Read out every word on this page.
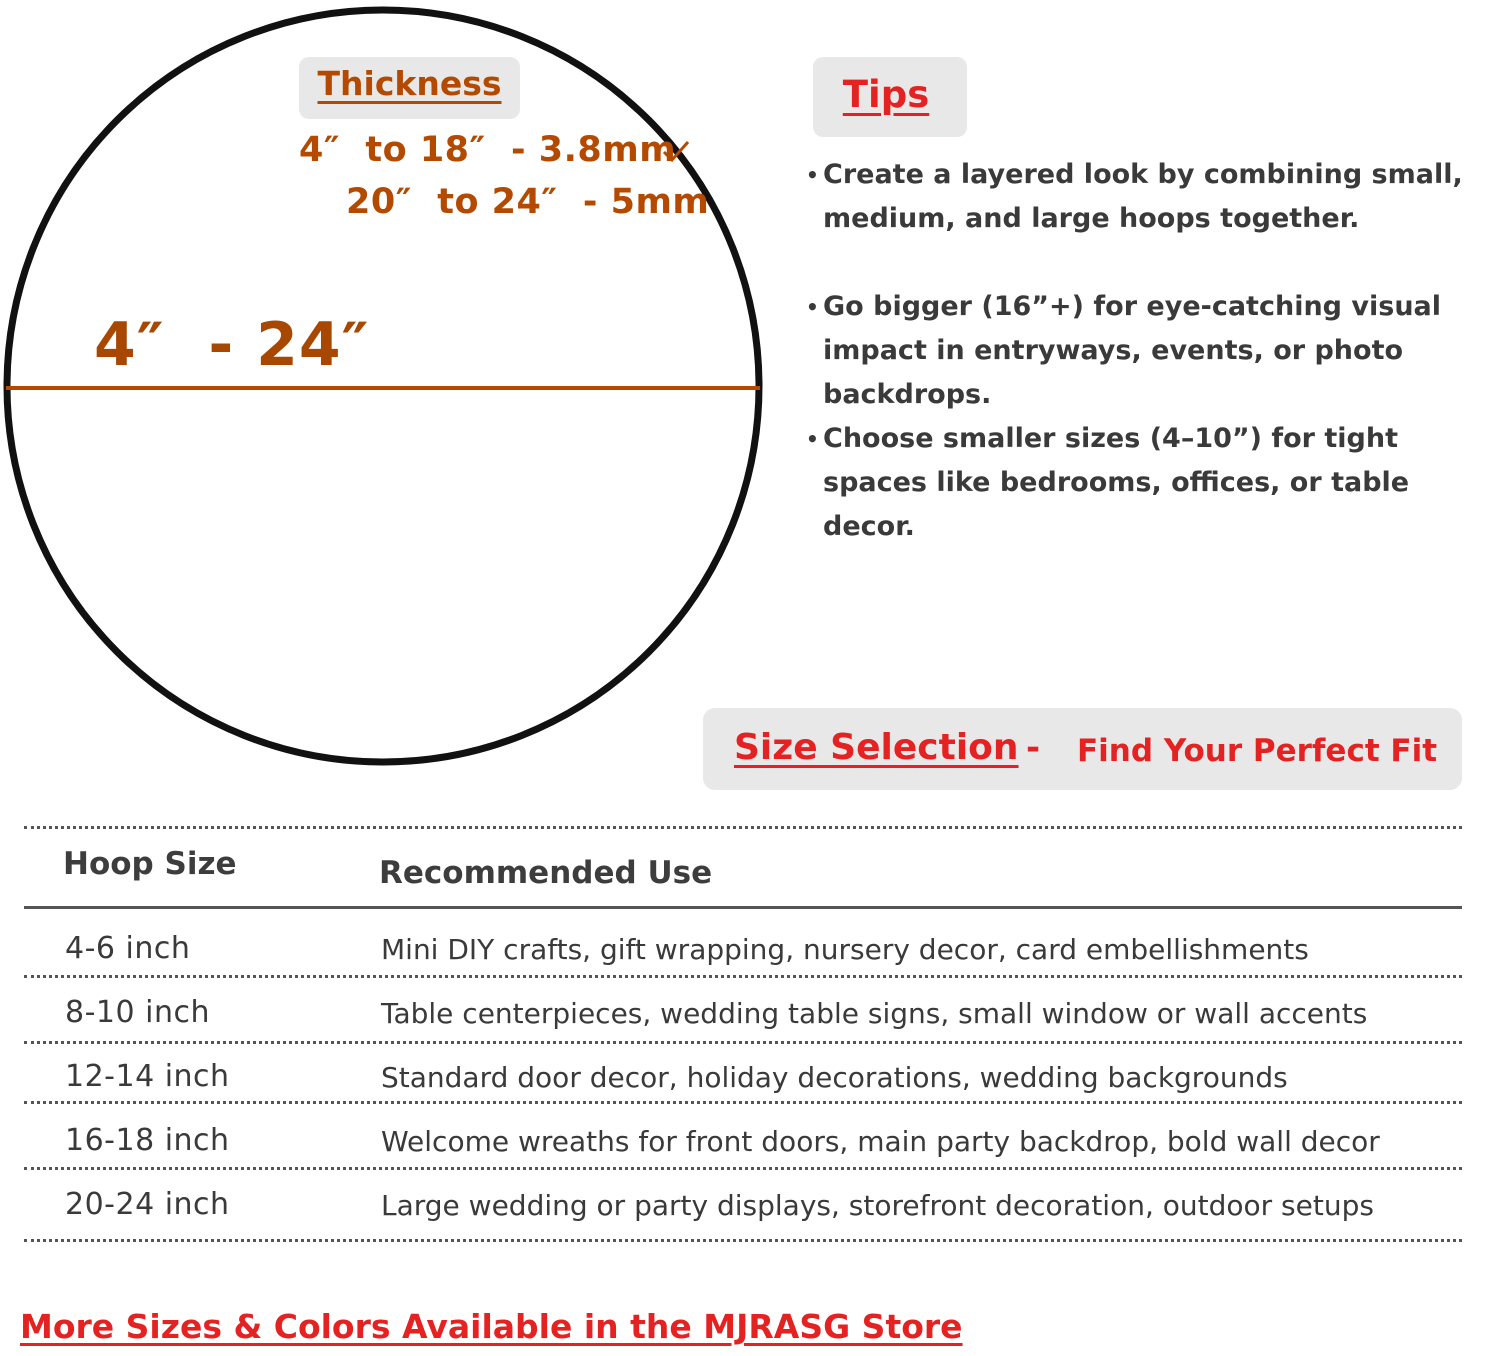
Thickness
4″  to 18″  - 3.8mm
20″  to 24″  - 5mm
4″  - 24″
Tips
• Create a layered look by combining small, medium, and large hoops together.
• Go bigger (16”+) for eye-catching visual impact in entryways, events, or photo backdrops.
• Choose smaller sizes (4–10”) for tight spaces like bedrooms, offices, or table decor.
Size Selection - Find Your Perfect Fit
Hoop Size	Recommended Use
4-6 inch	Mini DIY crafts, gift wrapping, nursery decor, card embellishments
8-10 inch	Table centerpieces, wedding table signs, small window or wall accents
12-14 inch	Standard door decor, holiday decorations, wedding backgrounds
16-18 inch	Welcome wreaths for front doors, main party backdrop, bold wall decor
20-24 inch	Large wedding or party displays, storefront decoration, outdoor setups
More Sizes & Colors Available in the MJRASG Store
